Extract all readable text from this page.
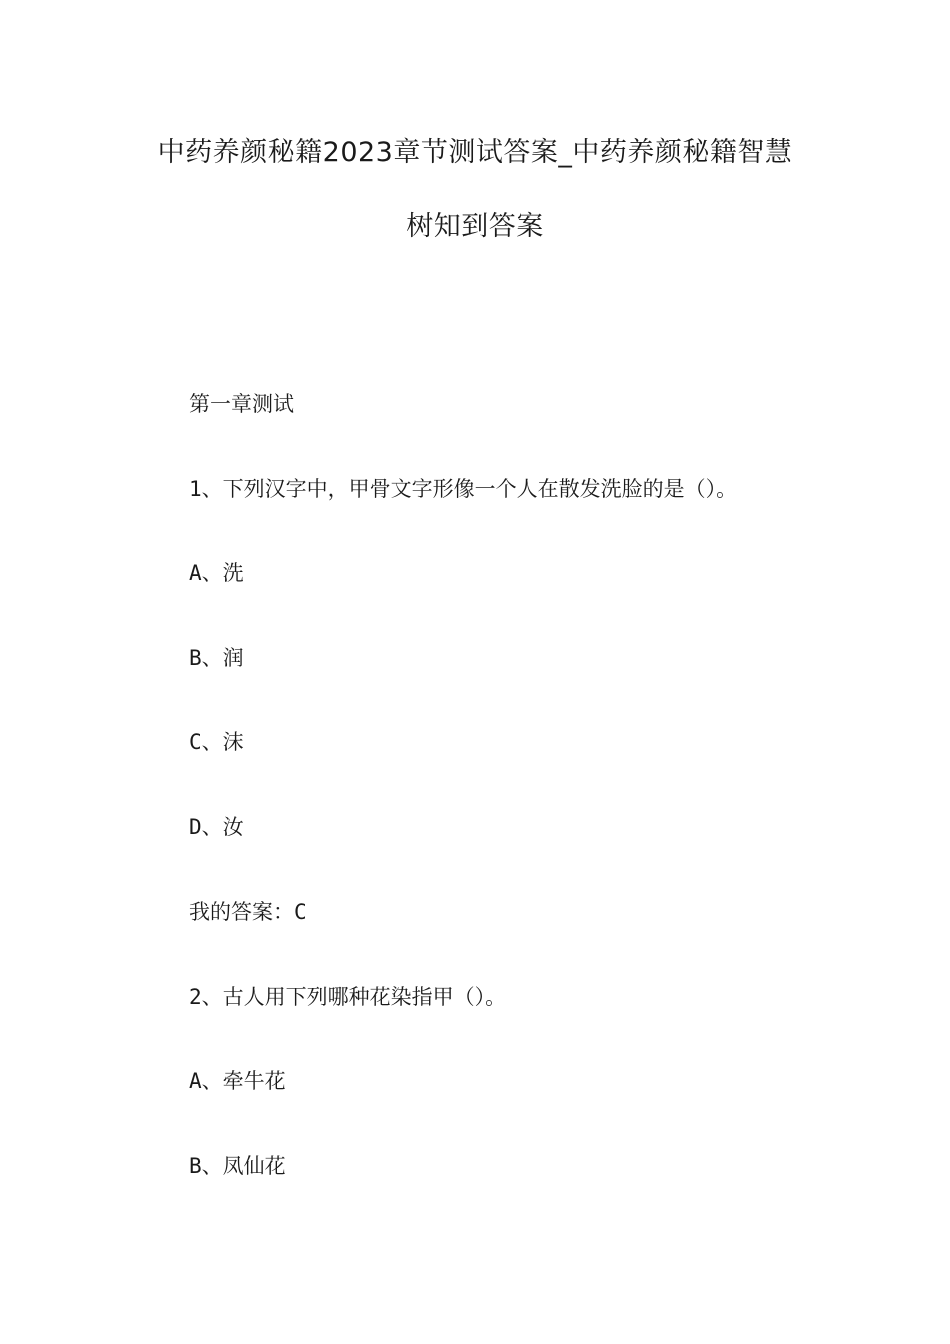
中药养颜秘籍2023章节测试答案_中药养颜秘籍智慧
树知到答案

第一章测试

1、下列汉字中，甲骨文字形像一个人在散发洗脸的是（）。

A、洗

B、润

C、沫

D、汝

我的答案：C

2、古人用下列哪种花染指甲（）。

A、牵牛花

B、凤仙花
